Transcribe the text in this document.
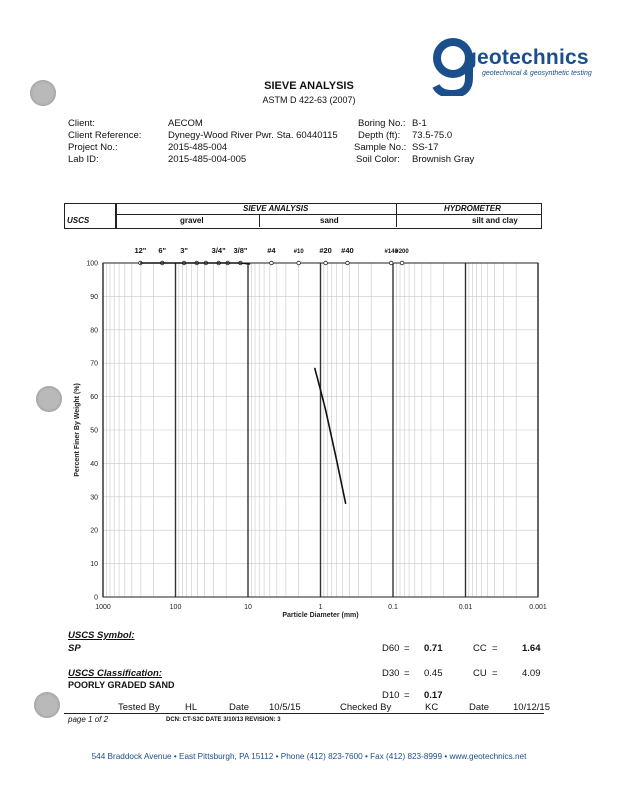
geotechnics
geotechnical & geosynthetic testing
SIEVE ANALYSIS
ASTM D 422-63 (2007)
Client:	AECOM
Client Reference:	Dynegy-Wood River Pwr. Sta. 60440115
Project No.:	2015-485-004
Lab ID:	2015-485-004-005
Boring No.: B-1
Depth (ft): 73.5-75.0
Sample No.: SS-17
Soil Color: Brownish Gray
USCS
SIEVE ANALYSIS	HYDROMETER
gravel	sand	silt and clay
0
10
20
30
40
50
60
70
80
90
100
1000	100	10	1	0.1	0.01	0.001
Particle Diameter (mm)
Percent Finer By Weight (%)
12" 6" 3"	3/4" 3/8"	#4	#10 #20 #40	#140
#200
USCS Symbol:
SP
USCS Classification:
POORLY GRADED SAND
D60 = 0.71	CC =	1.64
D30 = 0.45	CU =	4.09
D10 = 0.17
Tested By	HL	Date 10/5/15	Checked By	KC	Date	10/12/15
page 1 of 2	DCN: CT-S3C DATE 3/10/13 REVISION: 3
544 Braddock Avenue • East Pittsburgh, PA 15112 • Phone (412) 823-7600 • Fax (412) 823-8999 • www.geotechnics.net
